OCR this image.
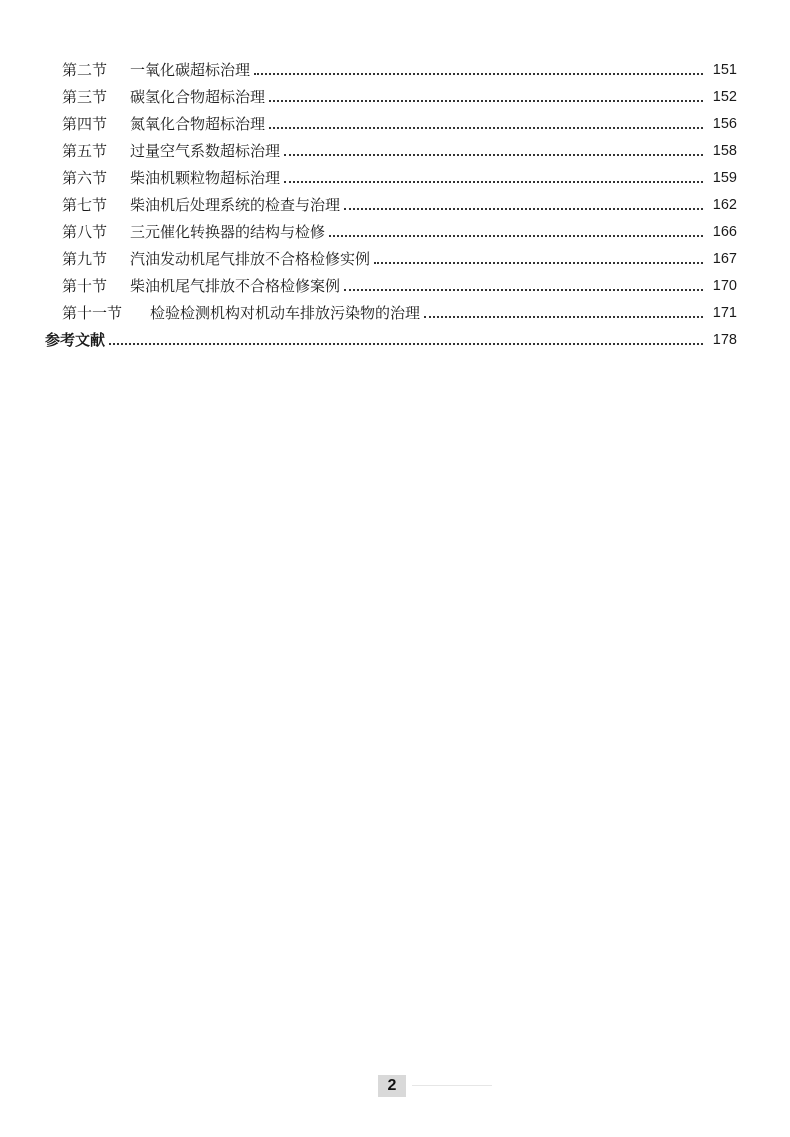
第二节 一氧化碳超标治理	151
第三节 碳氢化合物超标治理	152
第四节 氮氧化合物超标治理	156
第五节 过量空气系数超标治理	158
第六节 柴油机颗粒物超标治理	159
第七节 柴油机后处理系统的检查与治理	162
第八节 三元催化转换器的结构与检修	166
第九节 汽油发动机尾气排放不合格检修实例	167
第十节 柴油机尾气排放不合格检修案例	170
第十一节 检验检测机构对机动车排放污染物的治理	171
参考文献	178
2
